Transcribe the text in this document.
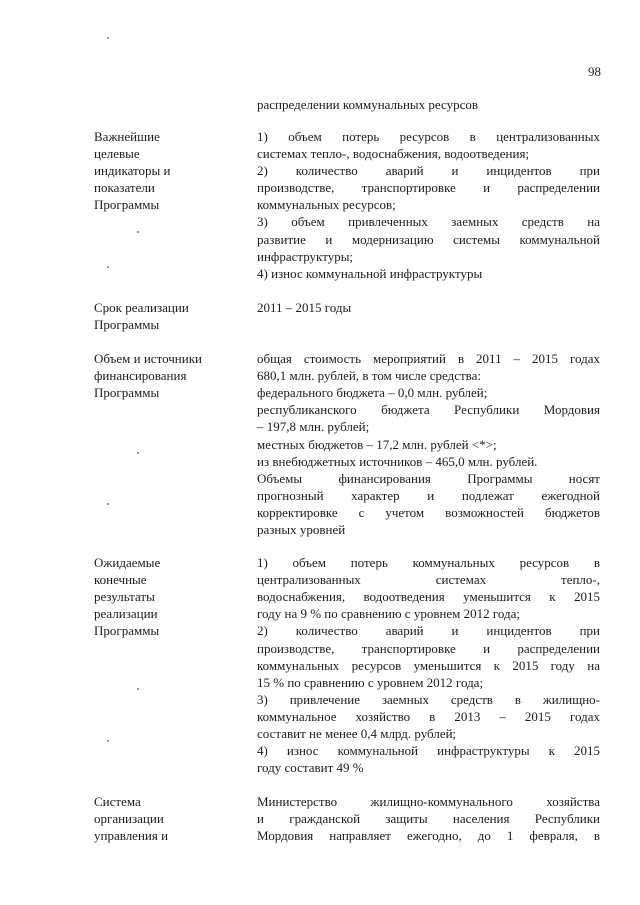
98
распределении коммунальных ресурсов
Важнейшие
целевые
индикаторы и
показатели
Программы
1) объем потерь ресурсов в централизованных
системах тепло-, водоснабжения, водоотведения;
2) количество аварий и инцидентов при
производстве, транспортировке и распределении
коммунальных ресурсов;
3) объем привлеченных заемных средств на
развитие и модернизацию системы коммунальной
инфраструктуры;
4) износ коммунальной инфраструктуры
Срок реализации
Программы
2011 – 2015 годы
Объем и источники
финансирования
Программы
общая стоимость мероприятий в 2011 – 2015 годах
680,1 млн. рублей, в том числе средства:
федерального бюджета – 0,0 млн. рублей;
республиканского бюджета Республики Мордовия
– 197,8 млн. рублей;
местных бюджетов – 17,2 млн. рублей <*>;
из внебюджетных источников – 465,0 млн. рублей.
Объемы финансирования Программы носят
прогнозный характер и подлежат ежегодной
корректировке с учетом возможностей бюджетов
разных уровней
Ожидаемые
конечные
результаты
реализации
Программы
1) объем потерь коммунальных ресурсов в
централизованных системах тепло-,
водоснабжения, водоотведения уменьшится к 2015
году на 9 % по сравнению с уровнем 2012 года;
2) количество аварий и инцидентов при
производстве, транспортировке и распределении
коммунальных ресурсов уменьшится к 2015 году на
15 % по сравнению с уровнем 2012 года;
3) привлечение заемных средств в жилищно-
коммунальное хозяйство в 2013 – 2015 годах
составит не менее 0,4 млрд. рублей;
4) износ коммунальной инфраструктуры к 2015
году составит 49 %
Система
организации
управления и
Министерство жилищно-коммунального хозяйства
и гражданской защиты населения Республики
Мордовия направляет ежегодно, до 1 февраля, в
